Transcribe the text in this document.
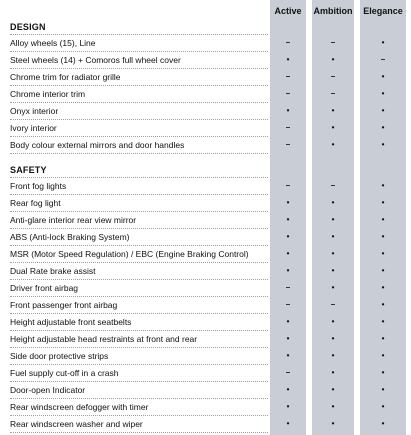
Active	Ambition	Elegance
DESIGN
Alloy wheels (15), Line	–	–	•
Steel wheels (14) + Comoros full wheel cover	•	•	–
Chrome trim for radiator grille	–	–	•
Chrome interior trim	–	–	•
Onyx interior	•	•	•
Ivory interior	–	•	•
Body colour external mirrors and door handles	–	•	•
SAFETY
Front fog lights	–	–	•
Rear fog light	•	•	•
Anti-glare interior rear view mirror	•	•	•
ABS (Anti-lock Braking System)	•	•	•
MSR (Motor Speed Regulation) / EBC (Engine Braking Control)	•	•	•
Dual Rate brake assist	•	•	•
Driver front airbag	–	•	•
Front passenger front airbag	–	–	•
Height adjustable front seatbelts	•	•	•
Height adjustable head restraints at front and rear	•	•	•
Side door protective strips	•	•	•
Fuel supply cut-off in a crash	–	•	•
Door-open Indicator	•	•	•
Rear windscreen defogger with timer	•	•	•
Rear windscreen washer and wiper	•	•	•
